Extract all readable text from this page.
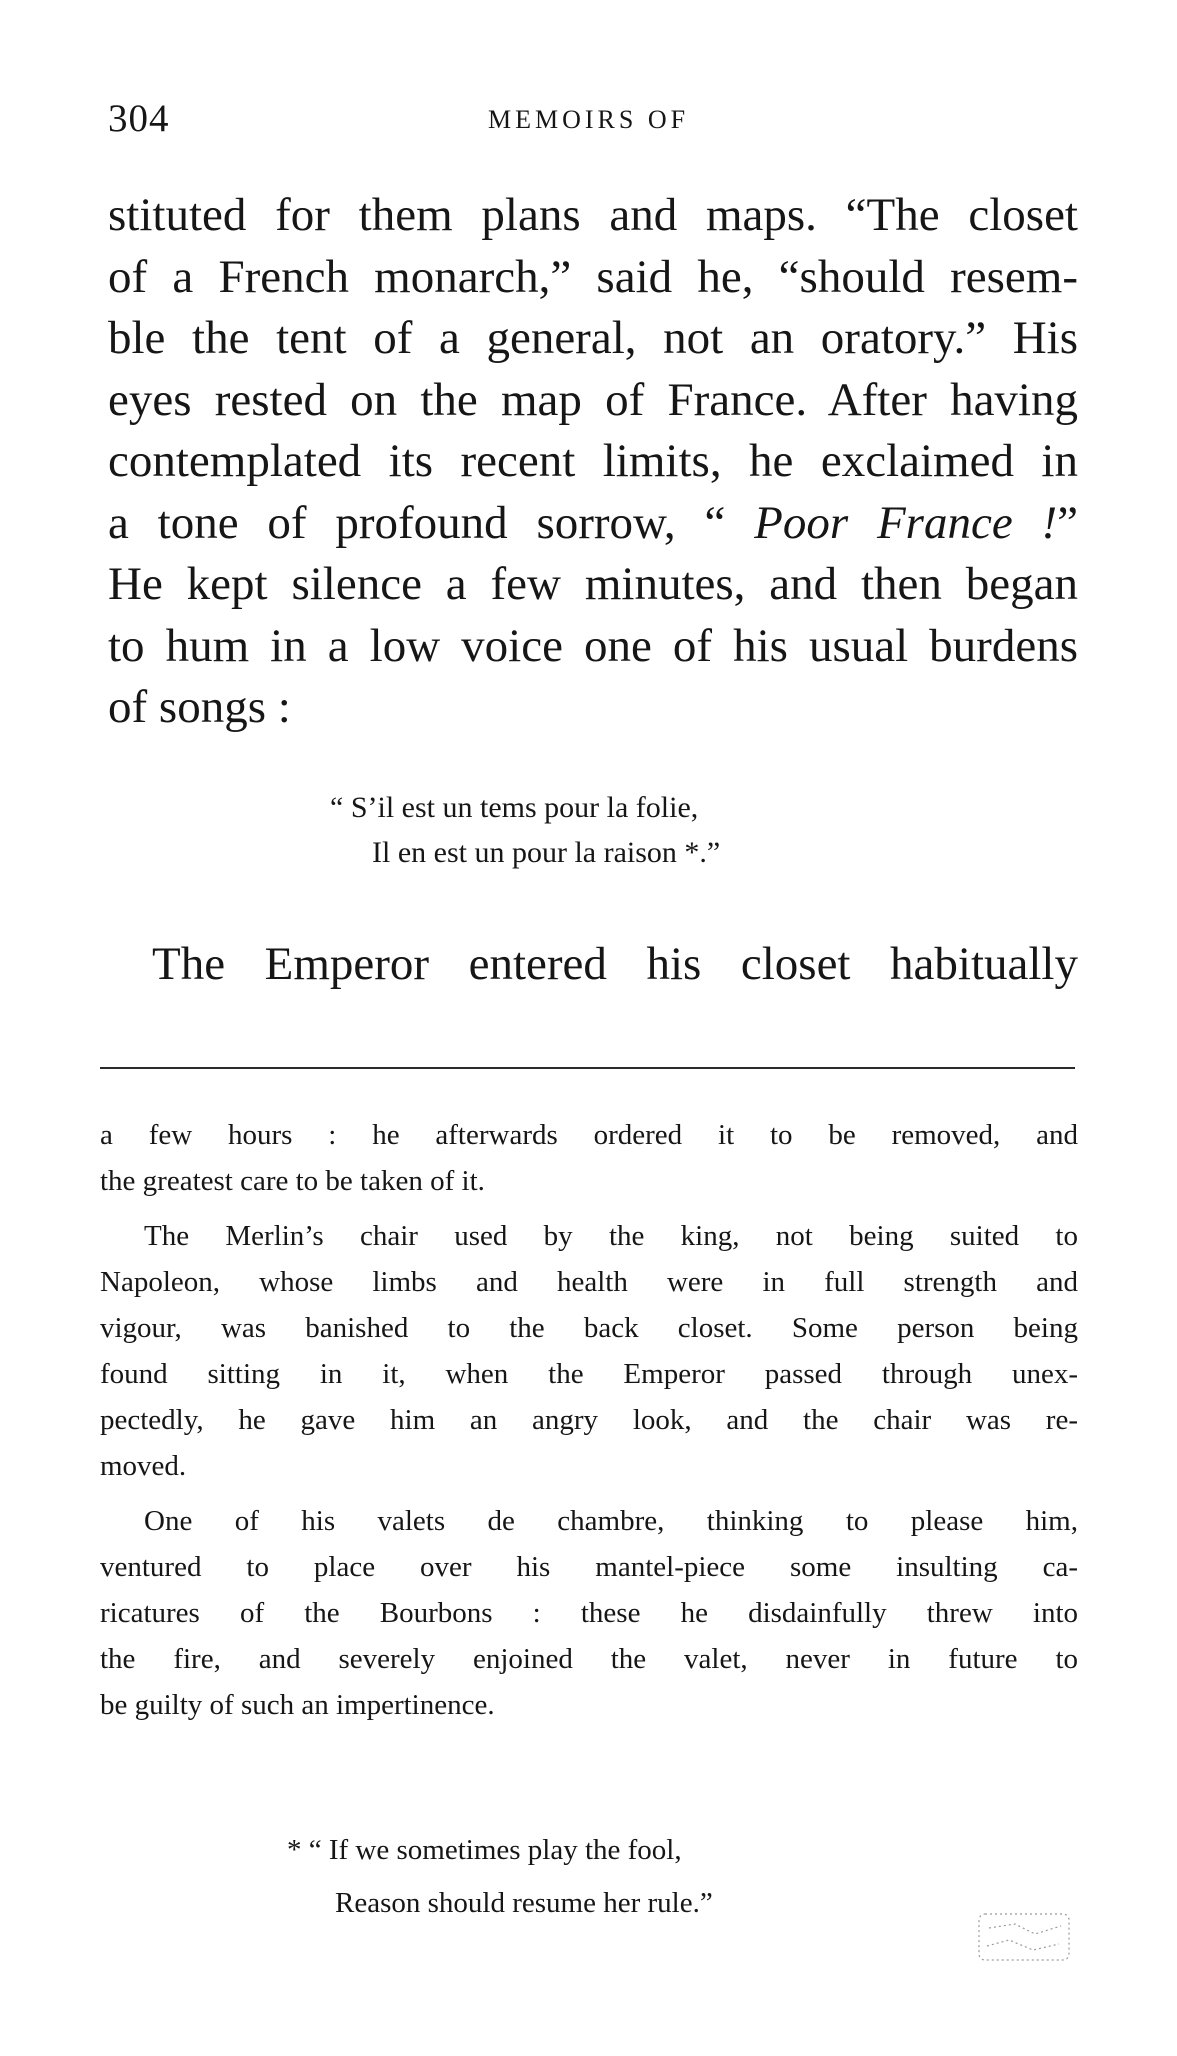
304	MEMOIRS OF
stituted for them plans and maps. “The closet
of a French monarch,” said he, “should resem-
ble the tent of a general, not an oratory.” His
eyes rested on the map of France. After having
contemplated its recent limits, he exclaimed in
a tone of profound sorrow, “ Poor France !”
He kept silence a few minutes, and then began
to hum in a low voice one of his usual burdens
of songs :
“ S’il est un tems pour la folie,
Il en est un pour la raison *.”
The Emperor entered his closet habitually

a few hours : he afterwards ordered it to be removed, and
the greatest care to be taken of it.

The Merlin’s chair used by the king, not being suited to
Napoleon, whose limbs and health were in full strength and
vigour, was banished to the back closet. Some person being
found sitting in it, when the Emperor passed through unex-
pectedly, he gave him an angry look, and the chair was re-
moved.

One of his valets de chambre, thinking to please him,
ventured to place over his mantel-piece some insulting ca-
ricatures of the Bourbons : these he disdainfully threw into
the fire, and severely enjoined the valet, never in future to
be guilty of such an impertinence.

* “ If we sometimes play the fool,
Reason should resume her rule.”
